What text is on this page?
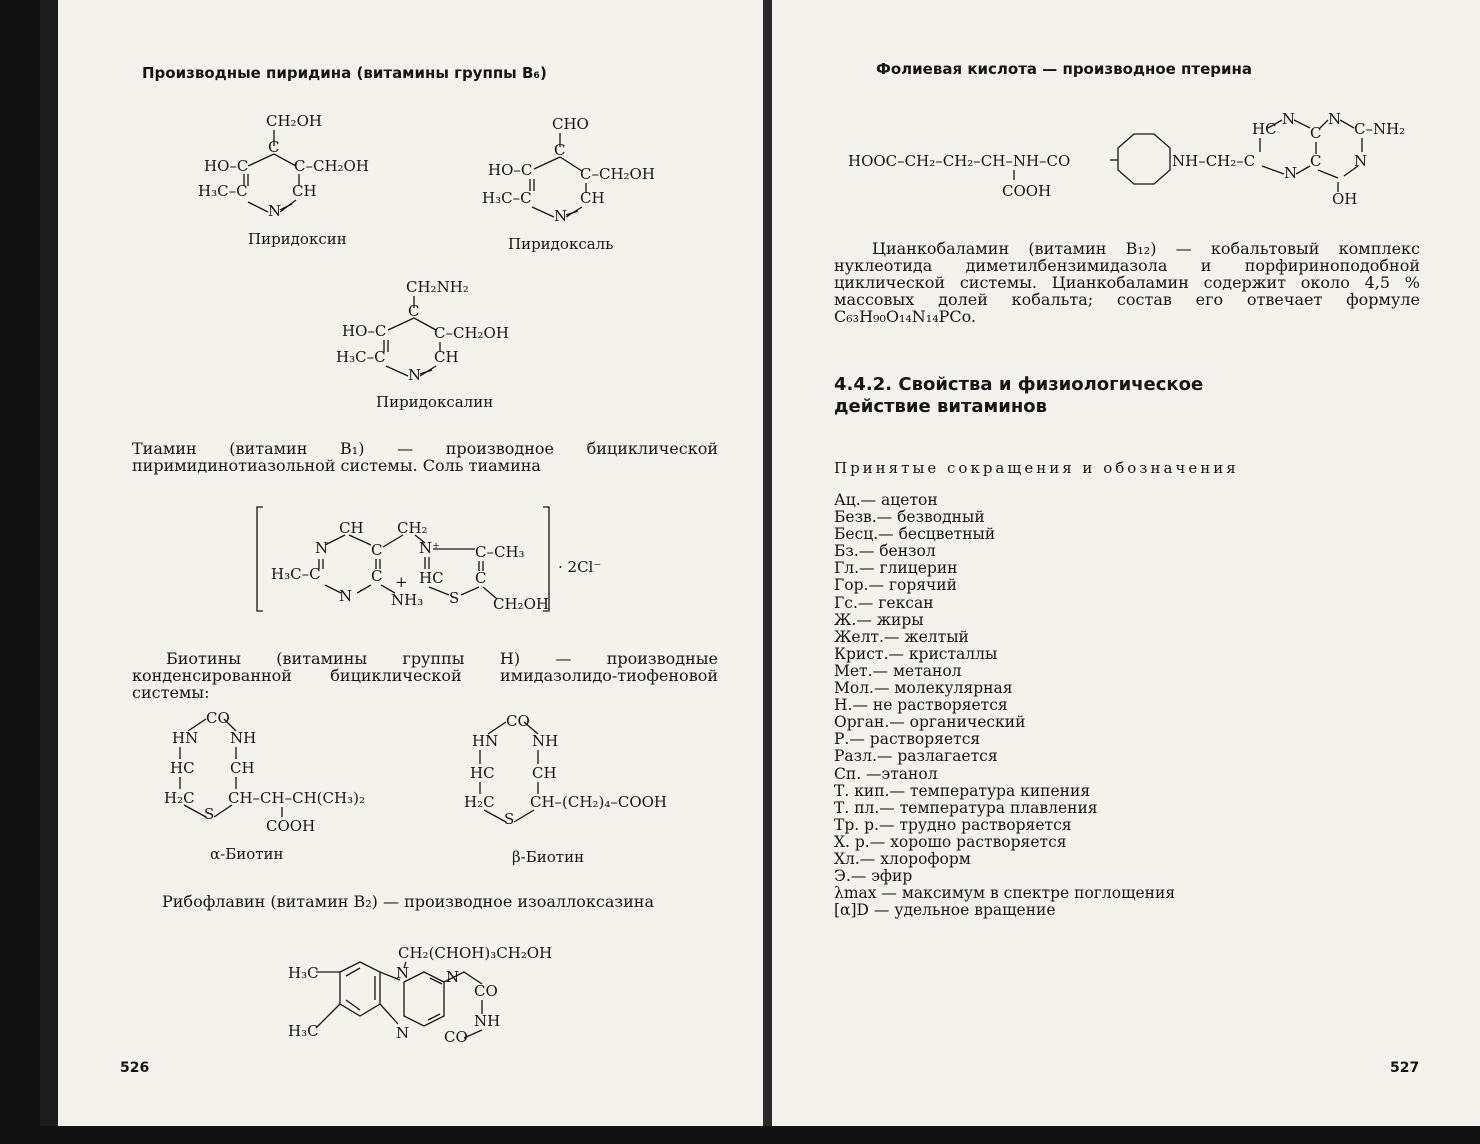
Производные пиридина (витамины группы B₆)
CH₂OH
HO–C	C–CH₂OH
H₃C–C	CH
N
C
Пиридоксин
CHO
HO–C	C–CH₂OH
H₃C–C	CH
N
C
Пиридоксаль
CH₂NH₂
HO–C	C–CH₂OH
H₃C–C	CH
N
C
Пиридоксалин
Тиамин (витамин B₁) — производное бициклической пиримидинотиазольной системы. Соль тиамина
CH CH₂
N⁺ C–CH₃
N	C
H₃C–C	C
N
+
NH₃
HC
S
C
CH₂OH
· 2Cl⁻
Биотины (витамины группы H) — производные конденсированной бициклической имидазолидо-тиофеновой системы:
CO
HN NH
HC CH
H₂C
S
CH–CH–CH(CH₃)₂
COOH
α-Биотин
CO
HN NH
HC CH
H₂C
S
CH–(CH₂)₄–COOH
β-Биотин
Рибофлавин (витамин B₂) — производное изоаллоксазина
CH₂(CHOH)₃CH₂OH
H₃C
H₃C
N N
CO
NH
N CO
526
Фолиевая кислота — производное птерина
HOOC–CH₂–CH₂–CH–NH–CO
COOH
NH–CH₂–C
HC
N N
C–NH₂
C
N
C
N
OH
Цианкобаламин (витамин B₁₂) — кобальтовый комплекс нуклеотида диметилбензимидазола и порфириноподобной циклической системы. Цианкобаламин содержит около 4,5 % массовых долей кобальта; состав его отвечает формуле C₆₃H₉₀O₁₄N₁₄PCo.
4.4.2. Свойства и физиологическое
действие витаминов
Принятые сокращения и обозначения
Ац.— ацетон
Безв.— безводный
Бесц.— бесцветный
Бз.— бензол
Гл.— глицерин
Гор.— горячий
Гс.— гексан
Ж.— жиры
Желт.— желтый
Крист.— кристаллы
Мет.— метанол
Мол.— молекулярная
Н.— не растворяется
Орган.— органический
Р.— растворяется
Разл.— разлагается
Сп. —этанол
Т. кип.— температура кипения
Т. пл.— температура плавления
Тр. р.— трудно растворяется
Х. р.— хорошо растворяется
Хл.— хлороформ
Э.— эфир
λmax — максимум в спектре поглощения
[α]D — удельное вращение
527
